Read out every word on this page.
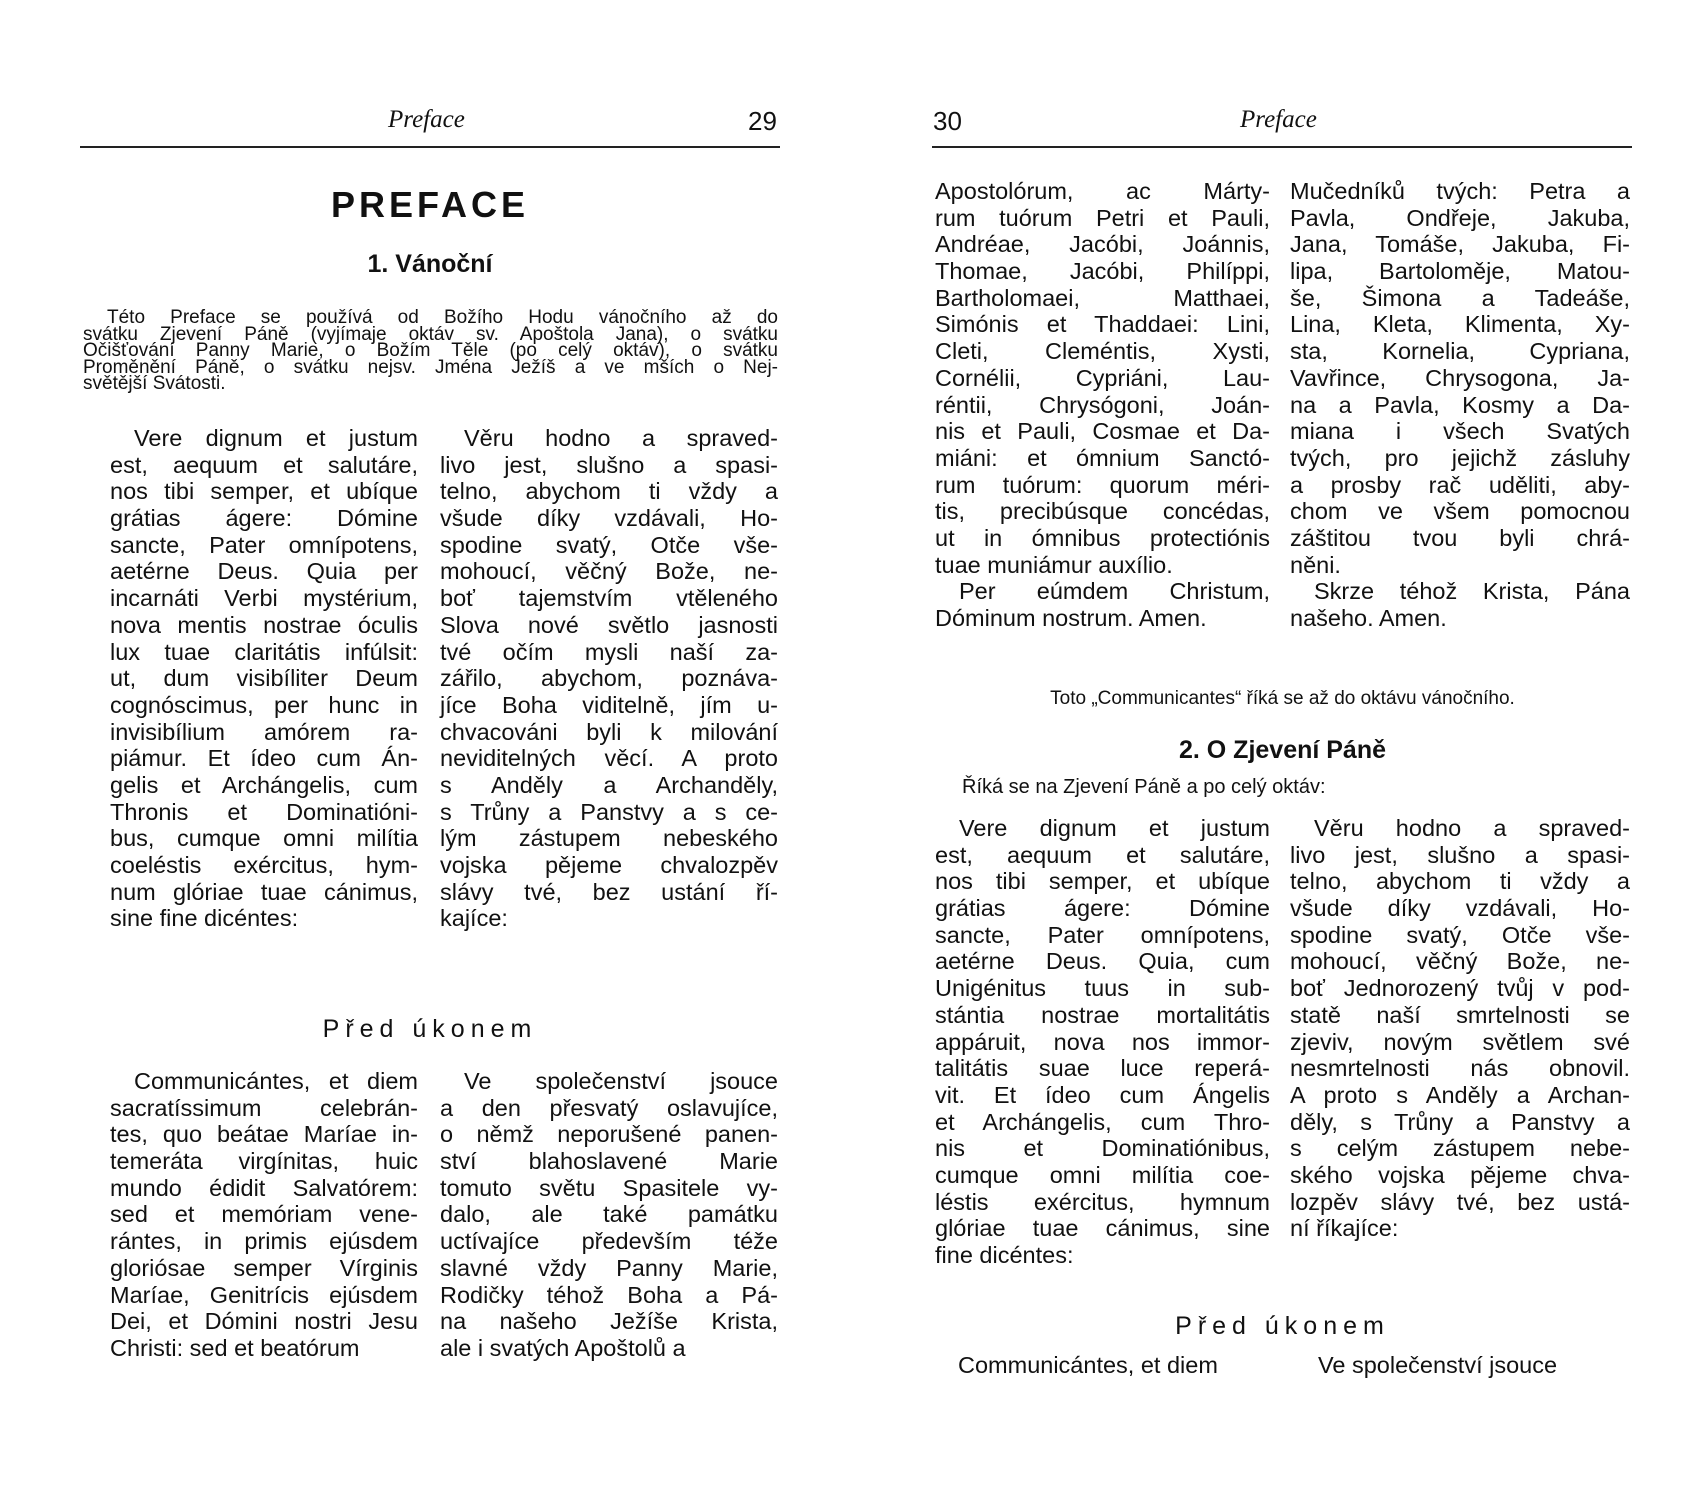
Preface	29
PREFACE
1. Vánoční
Této Preface se používá od Božího Hodu vánočního až do
svátku Zjevení Páně (vyjímaje oktáv sv. Apoštola Jana), o svátku
Očišťování Panny Marie, o Božím Těle (po celý oktáv), o svátku
Proměnění Páně, o svátku nejsv. Jména Ježíš a ve mších o Nej-
světější Svátosti.
Vere dignum et justum
est, aequum et salutáre,
nos tibi semper, et ubíque
grátias ágere: Dómine
sancte, Pater omnípotens,
aetérne Deus. Quia per
incarnáti Verbi mystérium,
nova mentis nostrae óculis
lux tuae claritátis infúlsit:
ut, dum visibíliter Deum
cognóscimus, per hunc in
invisibílium amórem ra-
piámur. Et ídeo cum Án-
gelis et Archángelis, cum
Thronis et Dominatióni-
bus, cumque omni milítia
coeléstis exércitus, hym-
num glóriae tuae cánimus,
sine fine dicéntes:
Věru hodno a spraved-
livo jest, slušno a spasi-
telno, abychom ti vždy a
všude díky vzdávali, Ho-
spodine svatý, Otče vše-
mohoucí, věčný Bože, ne-
boť tajemstvím vtěleného
Slova nové světlo jasnosti
tvé očím mysli naší za-
zářilo, abychom, poznáva-
jíce Boha viditelně, jím u-
chvacováni byli k milování
neviditelných věcí. A proto
s Anděly a Archanděly,
s Trůny a Panstvy a s ce-
lým zástupem nebeského
vojska pějeme chvalozpěv
slávy tvé, bez ustání ří-
kajíce:
Před úkonem
Communicántes, et diem
sacratíssimum celebrán-
tes, quo beátae Maríae in-
temeráta virgínitas, huic
mundo édidit Salvatórem:
sed et memóriam vene-
rántes, in primis ejúsdem
gloriósae semper Vírginis
Maríae, Genitrícis ejúsdem
Dei, et Dómini nostri Jesu
Christi: sed et beatórum
Ve společenství jsouce
a den přesvatý oslavujíce,
o němž neporušené panen-
ství blahoslavené Marie
tomuto světu Spasitele vy-
dalo, ale také památku
uctívajíce především téže
slavné vždy Panny Marie,
Rodičky téhož Boha a Pá-
na našeho Ježíše Krista,
ale i svatých Apoštolů a
30	Preface
Apostolórum, ac Márty-
rum tuórum Petri et Pauli,
Andréae, Jacóbi, Joánnis,
Thomae, Jacóbi, Philíppi,
Bartholomaei, Matthaei,
Simónis et Thaddaei: Lini,
Cleti, Cleméntis, Xysti,
Cornélii, Cypriáni, Lau-
réntii, Chrysógoni, Joán-
nis et Pauli, Cosmae et Da-
miáni: et ómnium Sanctó-
rum tuórum: quorum méri-
tis, precibúsque concédas,
ut in ómnibus protectiónis
tuae muniámur auxílio.
Per eúmdem Christum,
Dóminum nostrum. Amen.
Mučedníků tvých: Petra a
Pavla, Ondřeje, Jakuba,
Jana, Tomáše, Jakuba, Fi-
lipa, Bartoloměje, Matou-
še, Šimona a Tadeáše,
Lina, Kleta, Klimenta, Xy-
sta, Kornelia, Cypriana,
Vavřince, Chrysogona, Ja-
na a Pavla, Kosmy a Da-
miana i všech Svatých
tvých, pro jejichž zásluhy
a prosby rač uděliti, aby-
chom ve všem pomocnou
záštitou tvou byli chrá-
něni.
Skrze téhož Krista, Pána
našeho. Amen.
Toto „Communicantes“ říká se až do oktávu vánočního.
2. O Zjevení Páně
Říká se na Zjevení Páně a po celý oktáv:
Vere dignum et justum
est, aequum et salutáre,
nos tibi semper, et ubíque
grátias ágere: Dómine
sancte, Pater omnípotens,
aetérne Deus. Quia, cum
Unigénitus tuus in sub-
stántia nostrae mortalitátis
appáruit, nova nos immor-
talitátis suae luce reperá-
vit. Et ídeo cum Ángelis
et Archángelis, cum Thro-
nis et Dominatiónibus,
cumque omni milítia coe-
léstis exércitus, hymnum
glóriae tuae cánimus, sine
fine dicéntes:
Věru hodno a spraved-
livo jest, slušno a spasi-
telno, abychom ti vždy a
všude díky vzdávali, Ho-
spodine svatý, Otče vše-
mohoucí, věčný Bože, ne-
boť Jednorozený tvůj v pod-
statě naší smrtelnosti se
zjeviv, novým světlem své
nesmrtelnosti nás obnovil.
A proto s Anděly a Archan-
děly, s Trůny a Panstvy a
s celým zástupem nebe-
ského vojska pějeme chva-
lozpěv slávy tvé, bez ustá-
ní říkajíce:
Před úkonem
Communicántes, et diem	Ve společenství jsouce
